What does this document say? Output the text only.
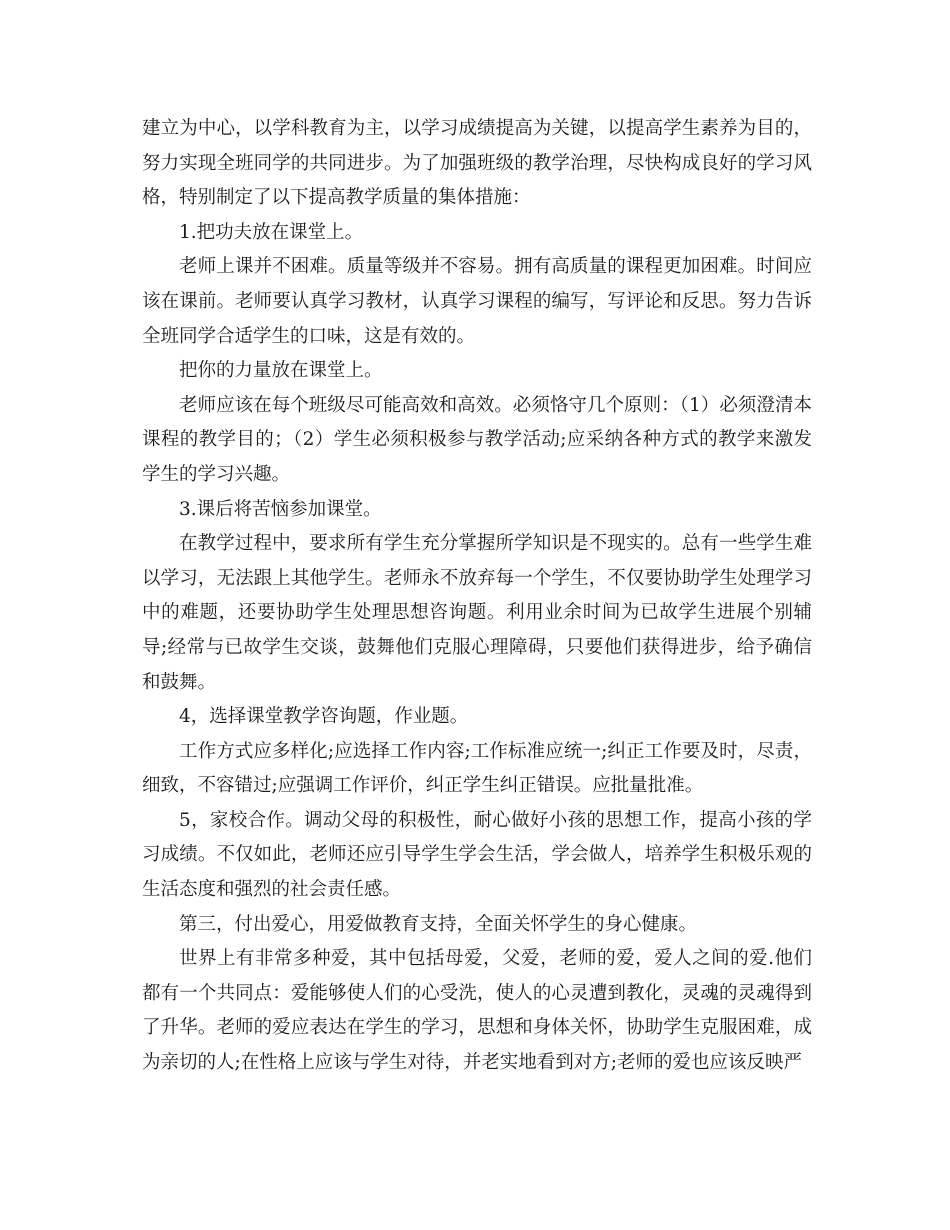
建立为中心，以学科教育为主，以学习成绩提高为关键，以提高学生素养为目的，努力实现全班同学的共同进步。为了加强班级的教学治理，尽快构成良好的学习风格，特别制定了以下提高教学质量的集体措施：

1.把功夫放在课堂上。

老师上课并不困难。质量等级并不容易。拥有高质量的课程更加困难。时间应该在课前。老师要认真学习教材，认真学习课程的编写，写评论和反思。努力告诉全班同学合适学生的口味，这是有效的。

把你的力量放在课堂上。

老师应该在每个班级尽可能高效和高效。必须恪守几个原则：（1）必须澄清本课程的教学目的；（2）学生必须积极参与教学活动;应采纳各种方式的教学来激发学生的学习兴趣。

3.课后将苦恼参加课堂。

在教学过程中，要求所有学生充分掌握所学知识是不现实的。总有一些学生难以学习，无法跟上其他学生。老师永不放弃每一个学生，不仅要协助学生处理学习中的难题，还要协助学生处理思想咨询题。利用业余时间为已故学生进展个别辅导;经常与已故学生交谈，鼓舞他们克服心理障碍，只要他们获得进步，给予确信和鼓舞。

4，选择课堂教学咨询题，作业题。

工作方式应多样化;应选择工作内容;工作标准应统一;纠正工作要及时，尽责，细致，不容错过;应强调工作评价，纠正学生纠正错误。应批量批准。

5，家校合作。调动父母的积极性，耐心做好小孩的思想工作，提高小孩的学习成绩。不仅如此，老师还应引导学生学会生活，学会做人，培养学生积极乐观的生活态度和强烈的社会责任感。

第三，付出爱心，用爱做教育支持，全面关怀学生的身心健康。

世界上有非常多种爱，其中包括母爱，父爱，老师的爱，爱人之间的爱.他们都有一个共同点：爱能够使人们的心受洗，使人的心灵遭到教化，灵魂的灵魂得到了升华。老师的爱应表达在学生的学习，思想和身体关怀，协助学生克服困难，成为亲切的人;在性格上应该与学生对待，并老实地看到对方;老师的爱也应该反映严
